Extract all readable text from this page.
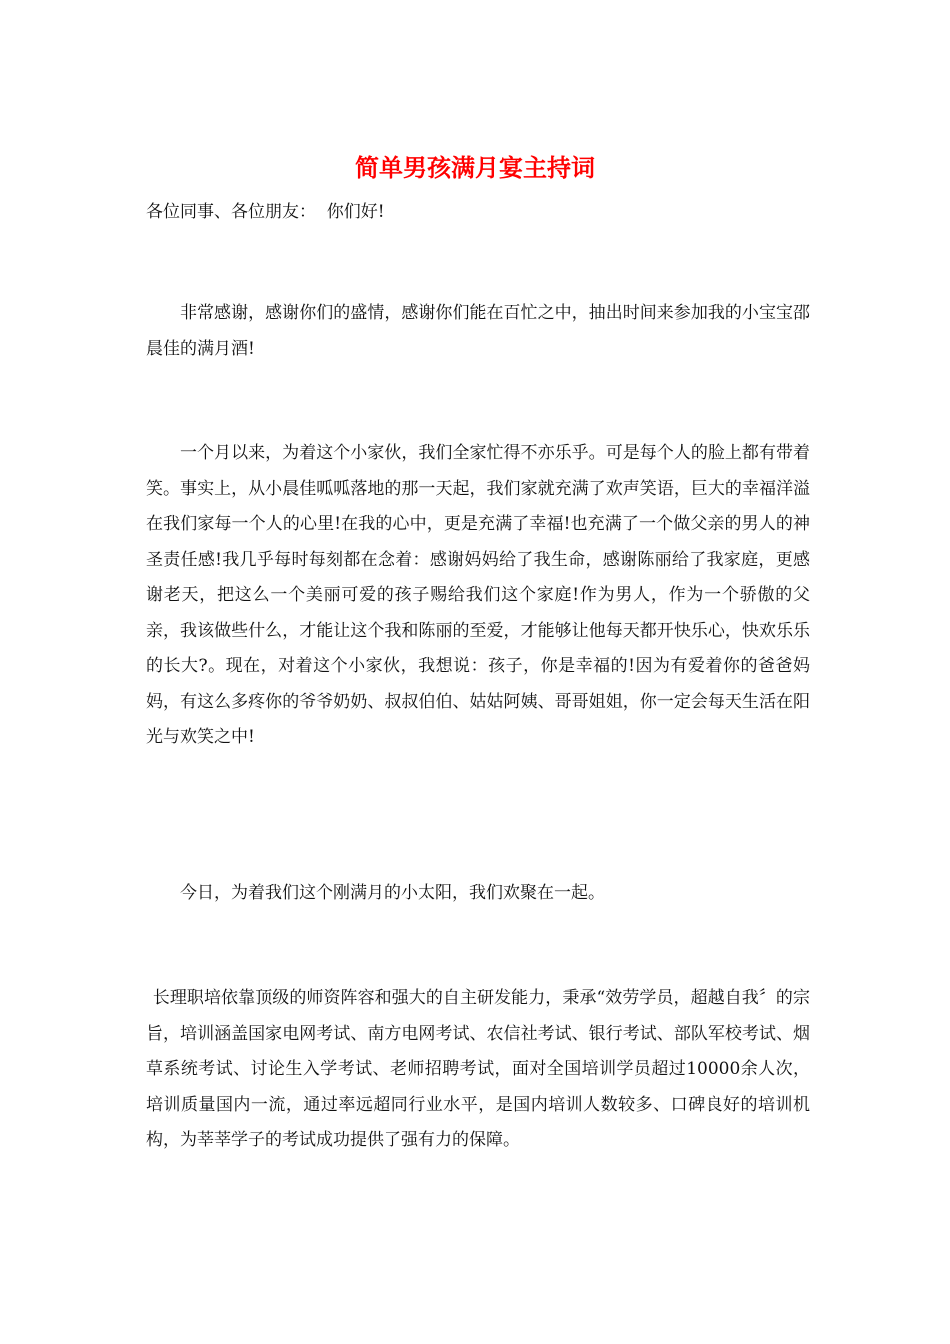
简单男孩满月宴主持词

各位同事、各位朋友：  你们好!

非常感谢，感谢你们的盛情，感谢你们能在百忙之中，抽出时间来参加我的小宝宝邵晨佳的满月酒!

一个月以来，为着这个小家伙，我们全家忙得不亦乐乎。可是每个人的脸上都有带着笑。事实上，从小晨佳呱呱落地的那一天起，我们家就充满了欢声笑语，巨大的幸福洋溢在我们家每一个人的心里!在我的心中，更是充满了幸福!也充满了一个做父亲的男人的神圣责任感!我几乎每时每刻都在念着：感谢妈妈给了我生命，感谢陈丽给了我家庭，更感谢老天，把这么一个美丽可爱的孩子赐给我们这个家庭!作为男人，作为一个骄傲的父亲，我该做些什么，才能让这个我和陈丽的至爱，才能够让他每天都开快乐心，快欢乐乐的长大?。现在，对着这个小家伙，我想说：孩子，你是幸福的!因为有爱着你的爸爸妈妈，有这么多疼你的爷爷奶奶、叔叔伯伯、姑姑阿姨、哥哥姐姐，你一定会每天生活在阳光与欢笑之中!

今日，为着我们这个刚满月的小太阳，我们欢聚在一起。

长理职培依靠顶级的师资阵容和强大的自主研发能力，秉承“效劳学员，超越自我〞的宗旨，培训涵盖国家电网考试、南方电网考试、农信社考试、银行考试、部队军校考试、烟草系统考试、讨论生入学考试、老师招聘考试，面对全国培训学员超过10000余人次，培训质量国内一流，通过率远超同行业水平，是国内培训人数较多、口碑良好的培训机构，为莘莘学子的考试成功提供了强有力的保障。
